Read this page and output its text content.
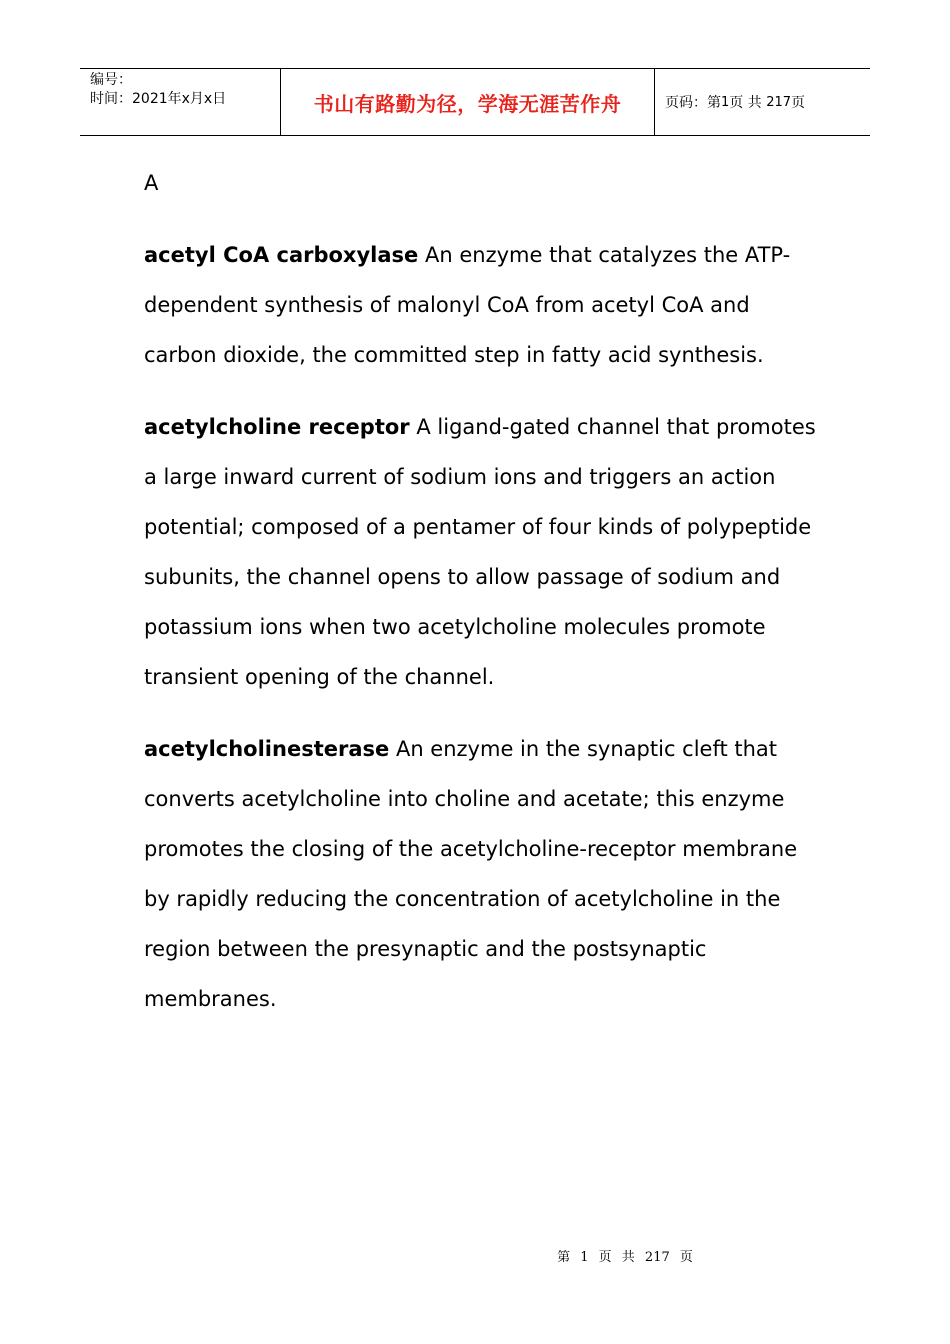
编号：
时间：2021年x月x日	书山有路勤为径，学海无涯苦作舟	页码：第 1 页 共
217 页
A
acetyl CoA carboxylase An enzyme that catalyzes the ATP-dependent synthesis of malonyl CoA from acetyl CoA and carbon dioxide, the committed step in fatty acid synthesis.
acetylcholine receptor A ligand-gated channel that promotes a large inward current of sodium ions and triggers an action potential; composed of a pentamer of four kinds of polypeptide subunits, the channel opens to allow passage of sodium and potassium ions when two acetylcholine molecules promote transient opening of the channel.
acetylcholinesterase An enzyme in the synaptic cleft that converts acetylcholine into choline and acetate; this enzyme promotes the closing of the acetylcholine-receptor membrane by rapidly reducing the concentration of acetylcholine in the region between the presynaptic and the postsynaptic membranes.
第 1 页 共 217 页
